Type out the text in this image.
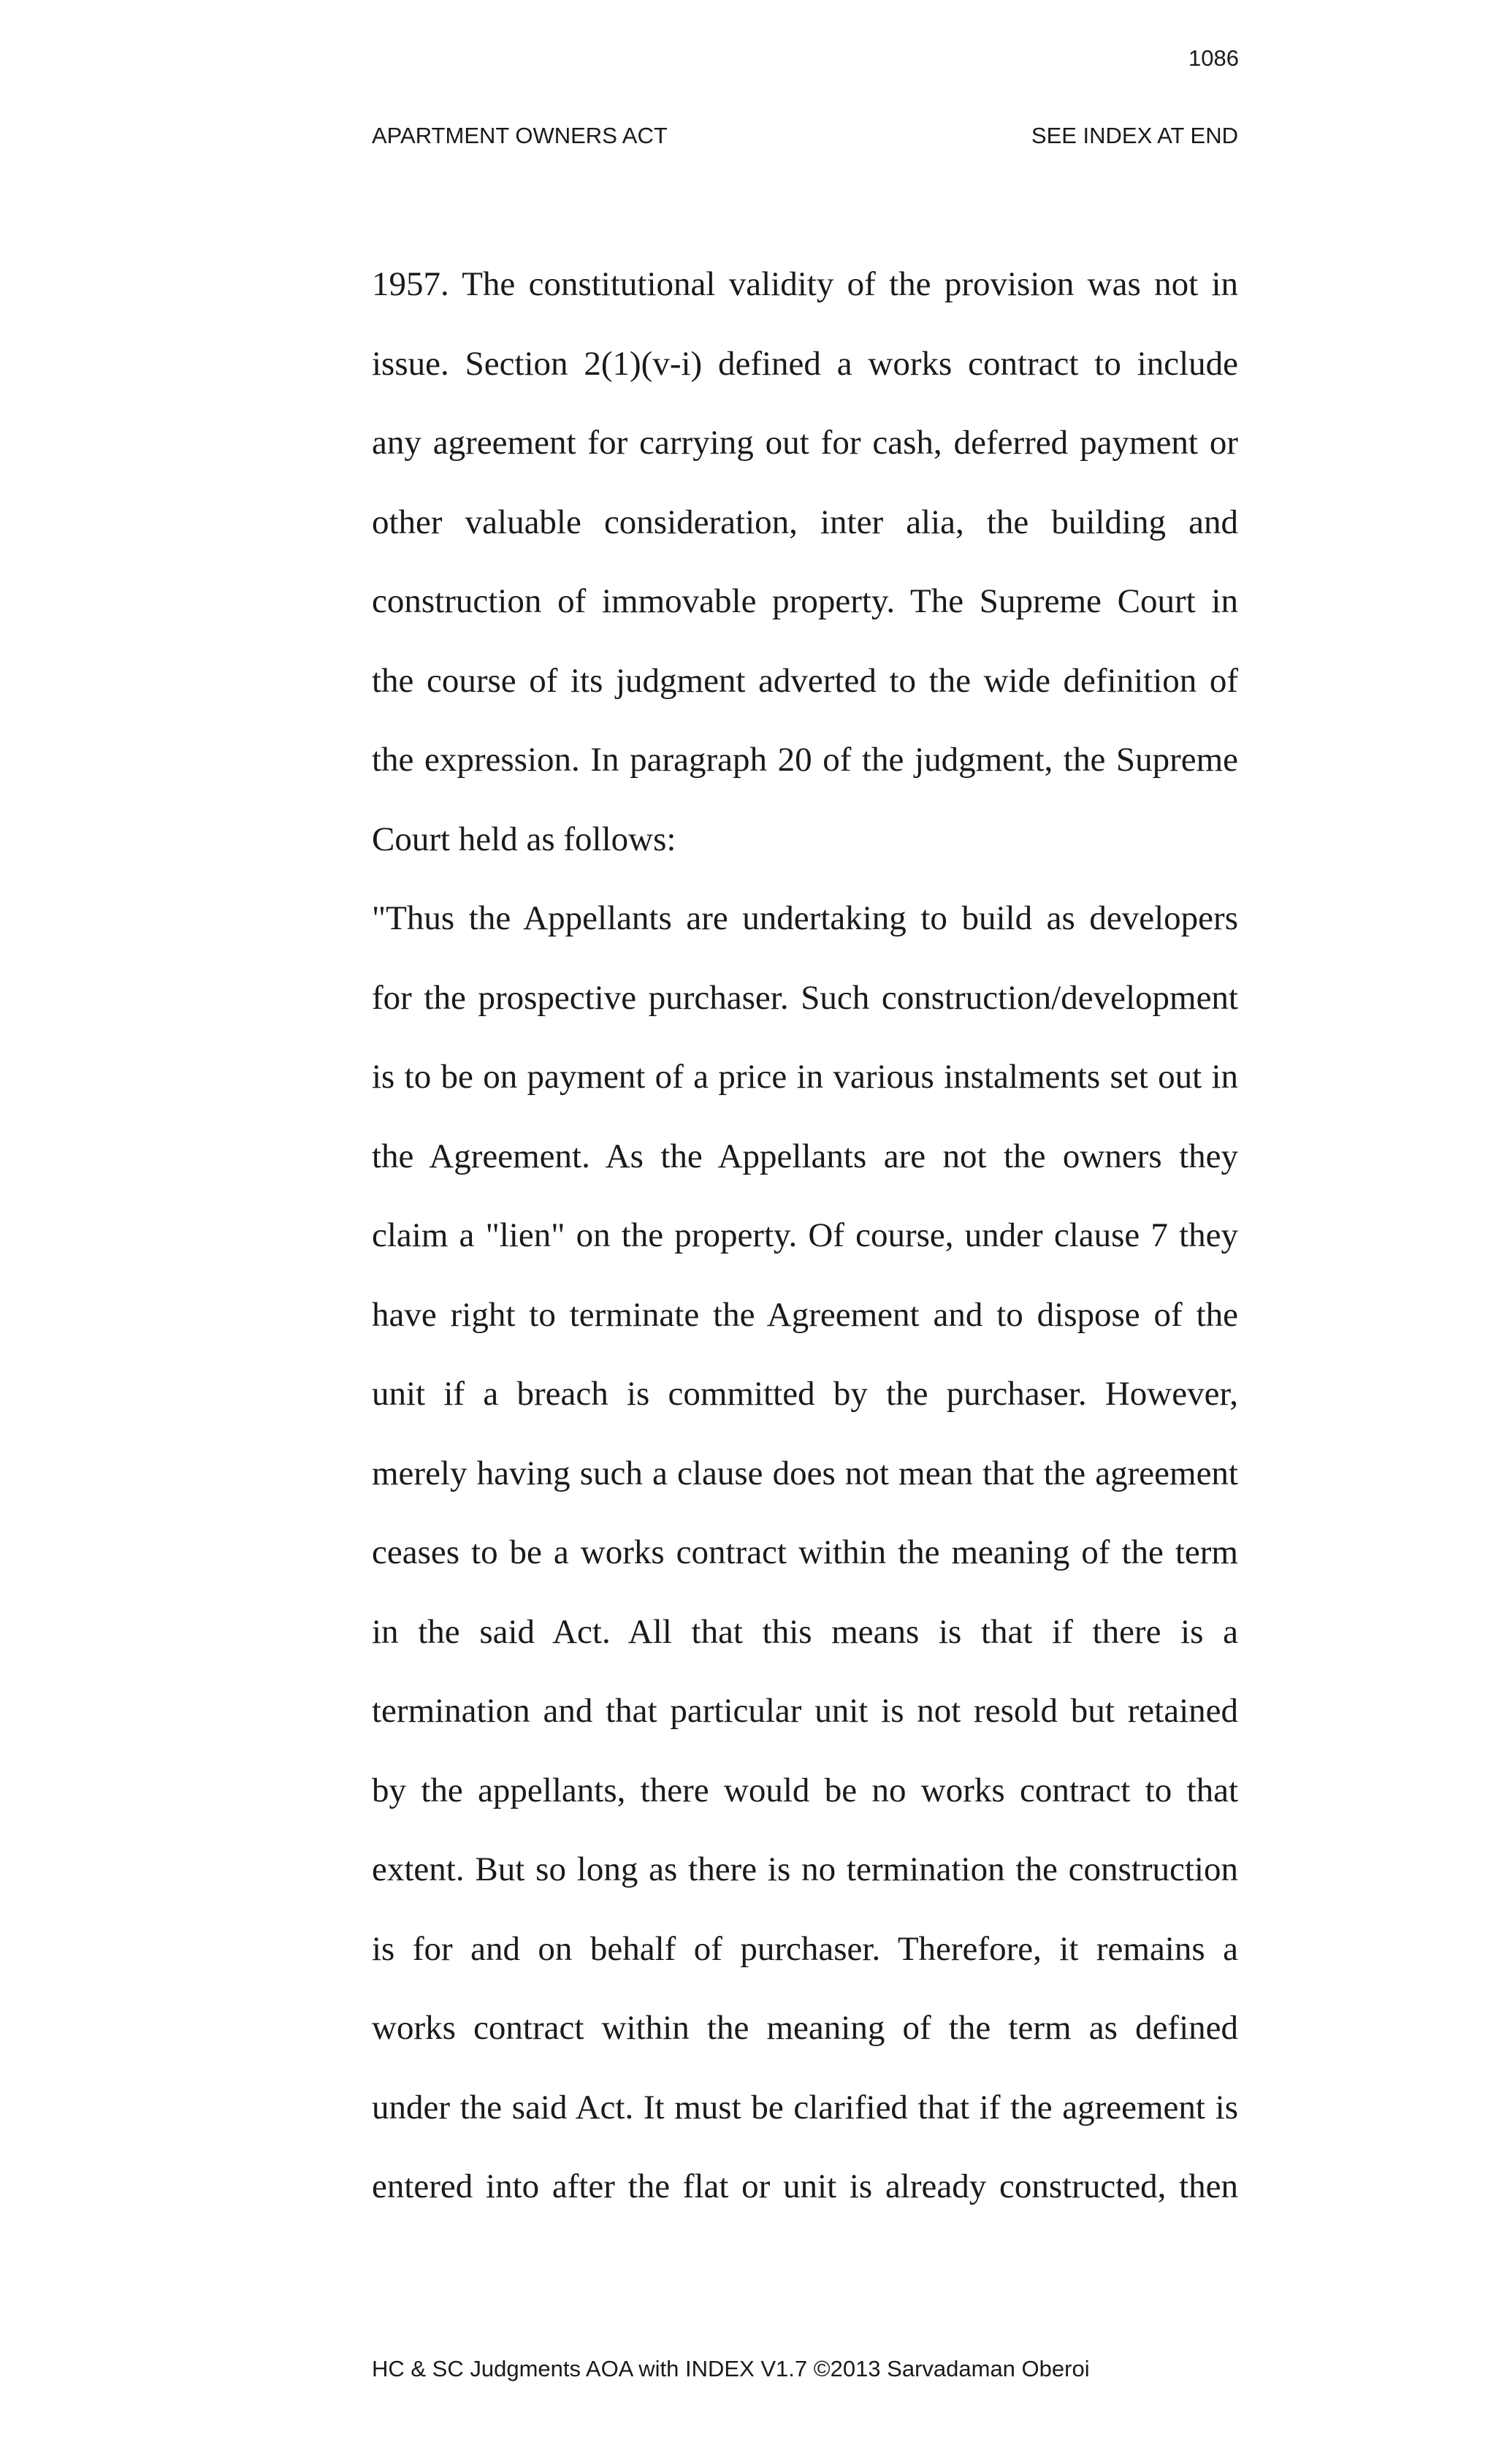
1086
APARTMENT OWNERS ACT	SEE INDEX AT END
1957. The constitutional validity of the provision was not in
issue. Section 2(1)(v-i) defined a works contract to include
any agreement for carrying out for cash, deferred payment or
other valuable consideration, inter alia, the building and
construction of immovable property. The Supreme Court in
the course of its judgment adverted to the wide definition of
the expression. In paragraph 20 of the judgment, the Supreme
Court held as follows:
"Thus the Appellants are undertaking to build as developers
for the prospective purchaser. Such construction/development
is to be on payment of a price in various instalments set out in
the Agreement. As the Appellants are not the owners they
claim a "lien" on the property. Of course, under clause 7 they
have right to terminate the Agreement and to dispose of the
unit if a breach is committed by the purchaser. However,
merely having such a clause does not mean that the agreement
ceases to be a works contract within the meaning of the term
in the said Act. All that this means is that if there is a
termination and that particular unit is not resold but retained
by the appellants, there would be no works contract to that
extent. But so long as there is no termination the construction
is for and on behalf of purchaser. Therefore, it remains a
works contract within the meaning of the term as defined
under the said Act. It must be clarified that if the agreement is
entered into after the flat or unit is already constructed, then
HC & SC Judgments AOA with INDEX V1.7 ©2013 Sarvadaman Oberoi
